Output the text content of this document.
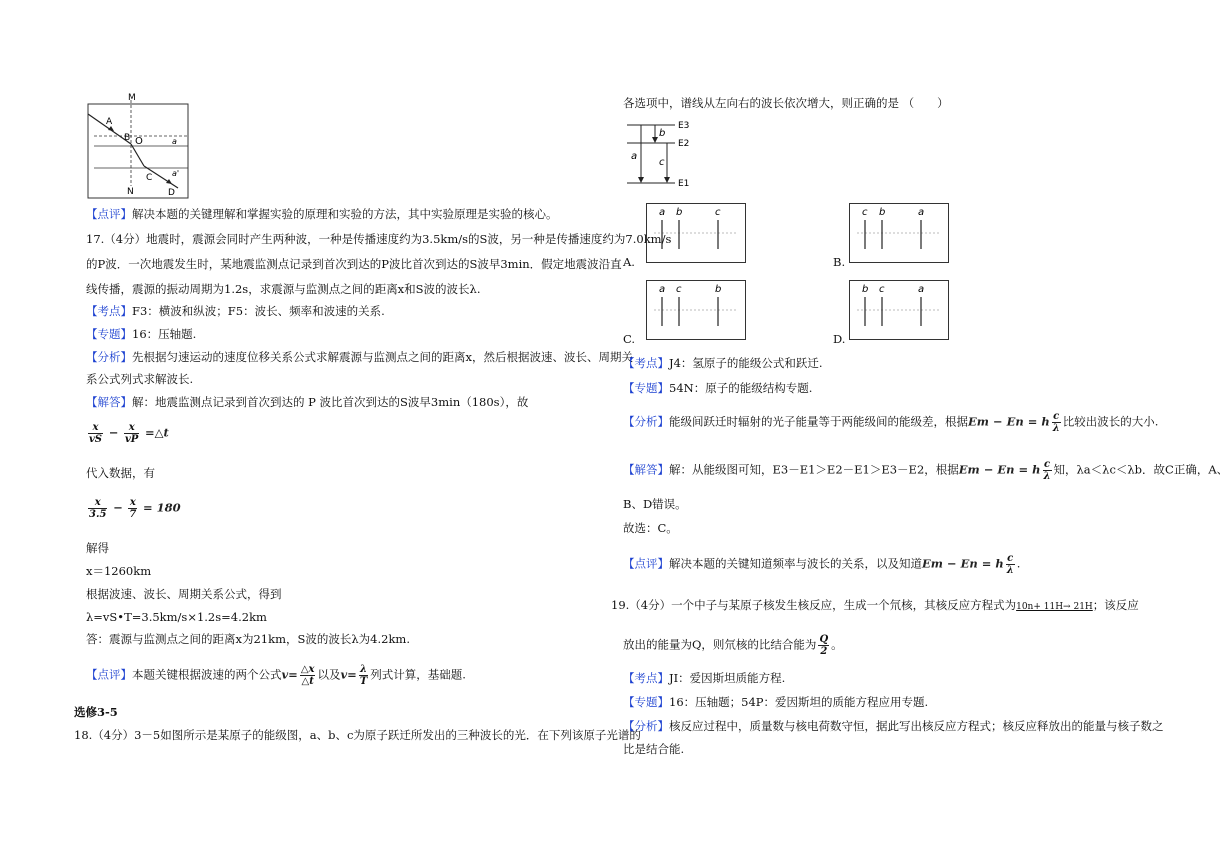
M
A
B O	a
C a'
N	D
【点评】解决本题的关键理解和掌握实验的原理和实验的方法，其中实验原理是实验的核心。
17.（4分）地震时，震源会同时产生两种波，一种是传播速度约为3.5km/s的S波，另一种是传播速度约为7.0km/s
的P波．一次地震发生时，某地震监测点记录到首次到达的P波比首次到达的S波早3min．假定地震波沿直
线传播，震源的振动周期为1.2s，求震源与监测点之间的距离x和S波的波长λ.
【考点】F3：横波和纵波；F5：波长、频率和波速的关系.
【专题】16：压轴题.
【分析】先根据匀速运动的速度位移关系公式求解震源与监测点之间的距离x，然后根据波速、波长、周期关
系公式列式求解波长.
【解答】解：地震监测点记录到首次到达的 P 波比首次到达的S波早3min（180s），故
$\frac{x}{vS} - \frac{x}{vP}$ =△t
代入数据，有
$\frac{x}{3.5} - \frac{x}{7} = 180$
解得
x＝1260km
根据波速、波长、周期关系公式，得到
λ=vS•T=3.5km/s×1.2s=4.2km
答：震源与监测点之间的距离x为21km，S波的波长λ为4.2km.
【点评】本题关键根据波速的两个公式$v= \frac{\triangle x}{\triangle t}$ 以及$v= \frac{\lambda}{T}$ 列式计算，基础题.
选修3-5
18.（4分）3－5如图所示是某原子的能级图，a、b、c为原子跃迁所发出的三种波长的光．在下列该原子光谱的
各选项中，谱线从左向右的波长依次增大，则正确的是 （　　）
E3
E2
E1
a
b
c
A.
a b	c
B.
c b	a
C.
a c	b
D.
b c	a
【考点】J4：氢原子的能级公式和跃迁.
【专题】54N：原子的能级结构专题.
【分析】能级间跃迁时辐射的光子能量等于两能级间的能级差，根据Em − En = h $\frac{c}{\lambda}$ 比较出波长的大小.
【解答】解：从能级图可知，E3－E1＞E2－E1＞E3－E2，根据Em − En = h $\frac{c}{\lambda}$ 知，λa＜λc＜λb．故C正确，A、
B、D错误。
故选：C。
【点评】解决本题的关键知道频率与波长的关系，以及知道Em − En = h $\frac{c}{\lambda}$ .
19.（4分）一个中子与某原子核发生核反应，生成一个氘核，其核反应方程式为10n+ 11H→ 21H；该反应
放出的能量为Q，则氘核的比结合能为 $\frac{Q}{2}$ 。
【考点】JI：爱因斯坦质能方程.
【专题】16：压轴题；54P：爱因斯坦的质能方程应用专题.
【分析】核反应过程中，质量数与核电荷数守恒，据此写出核反应方程式；核反应释放出的能量与核子数之
比是结合能.
